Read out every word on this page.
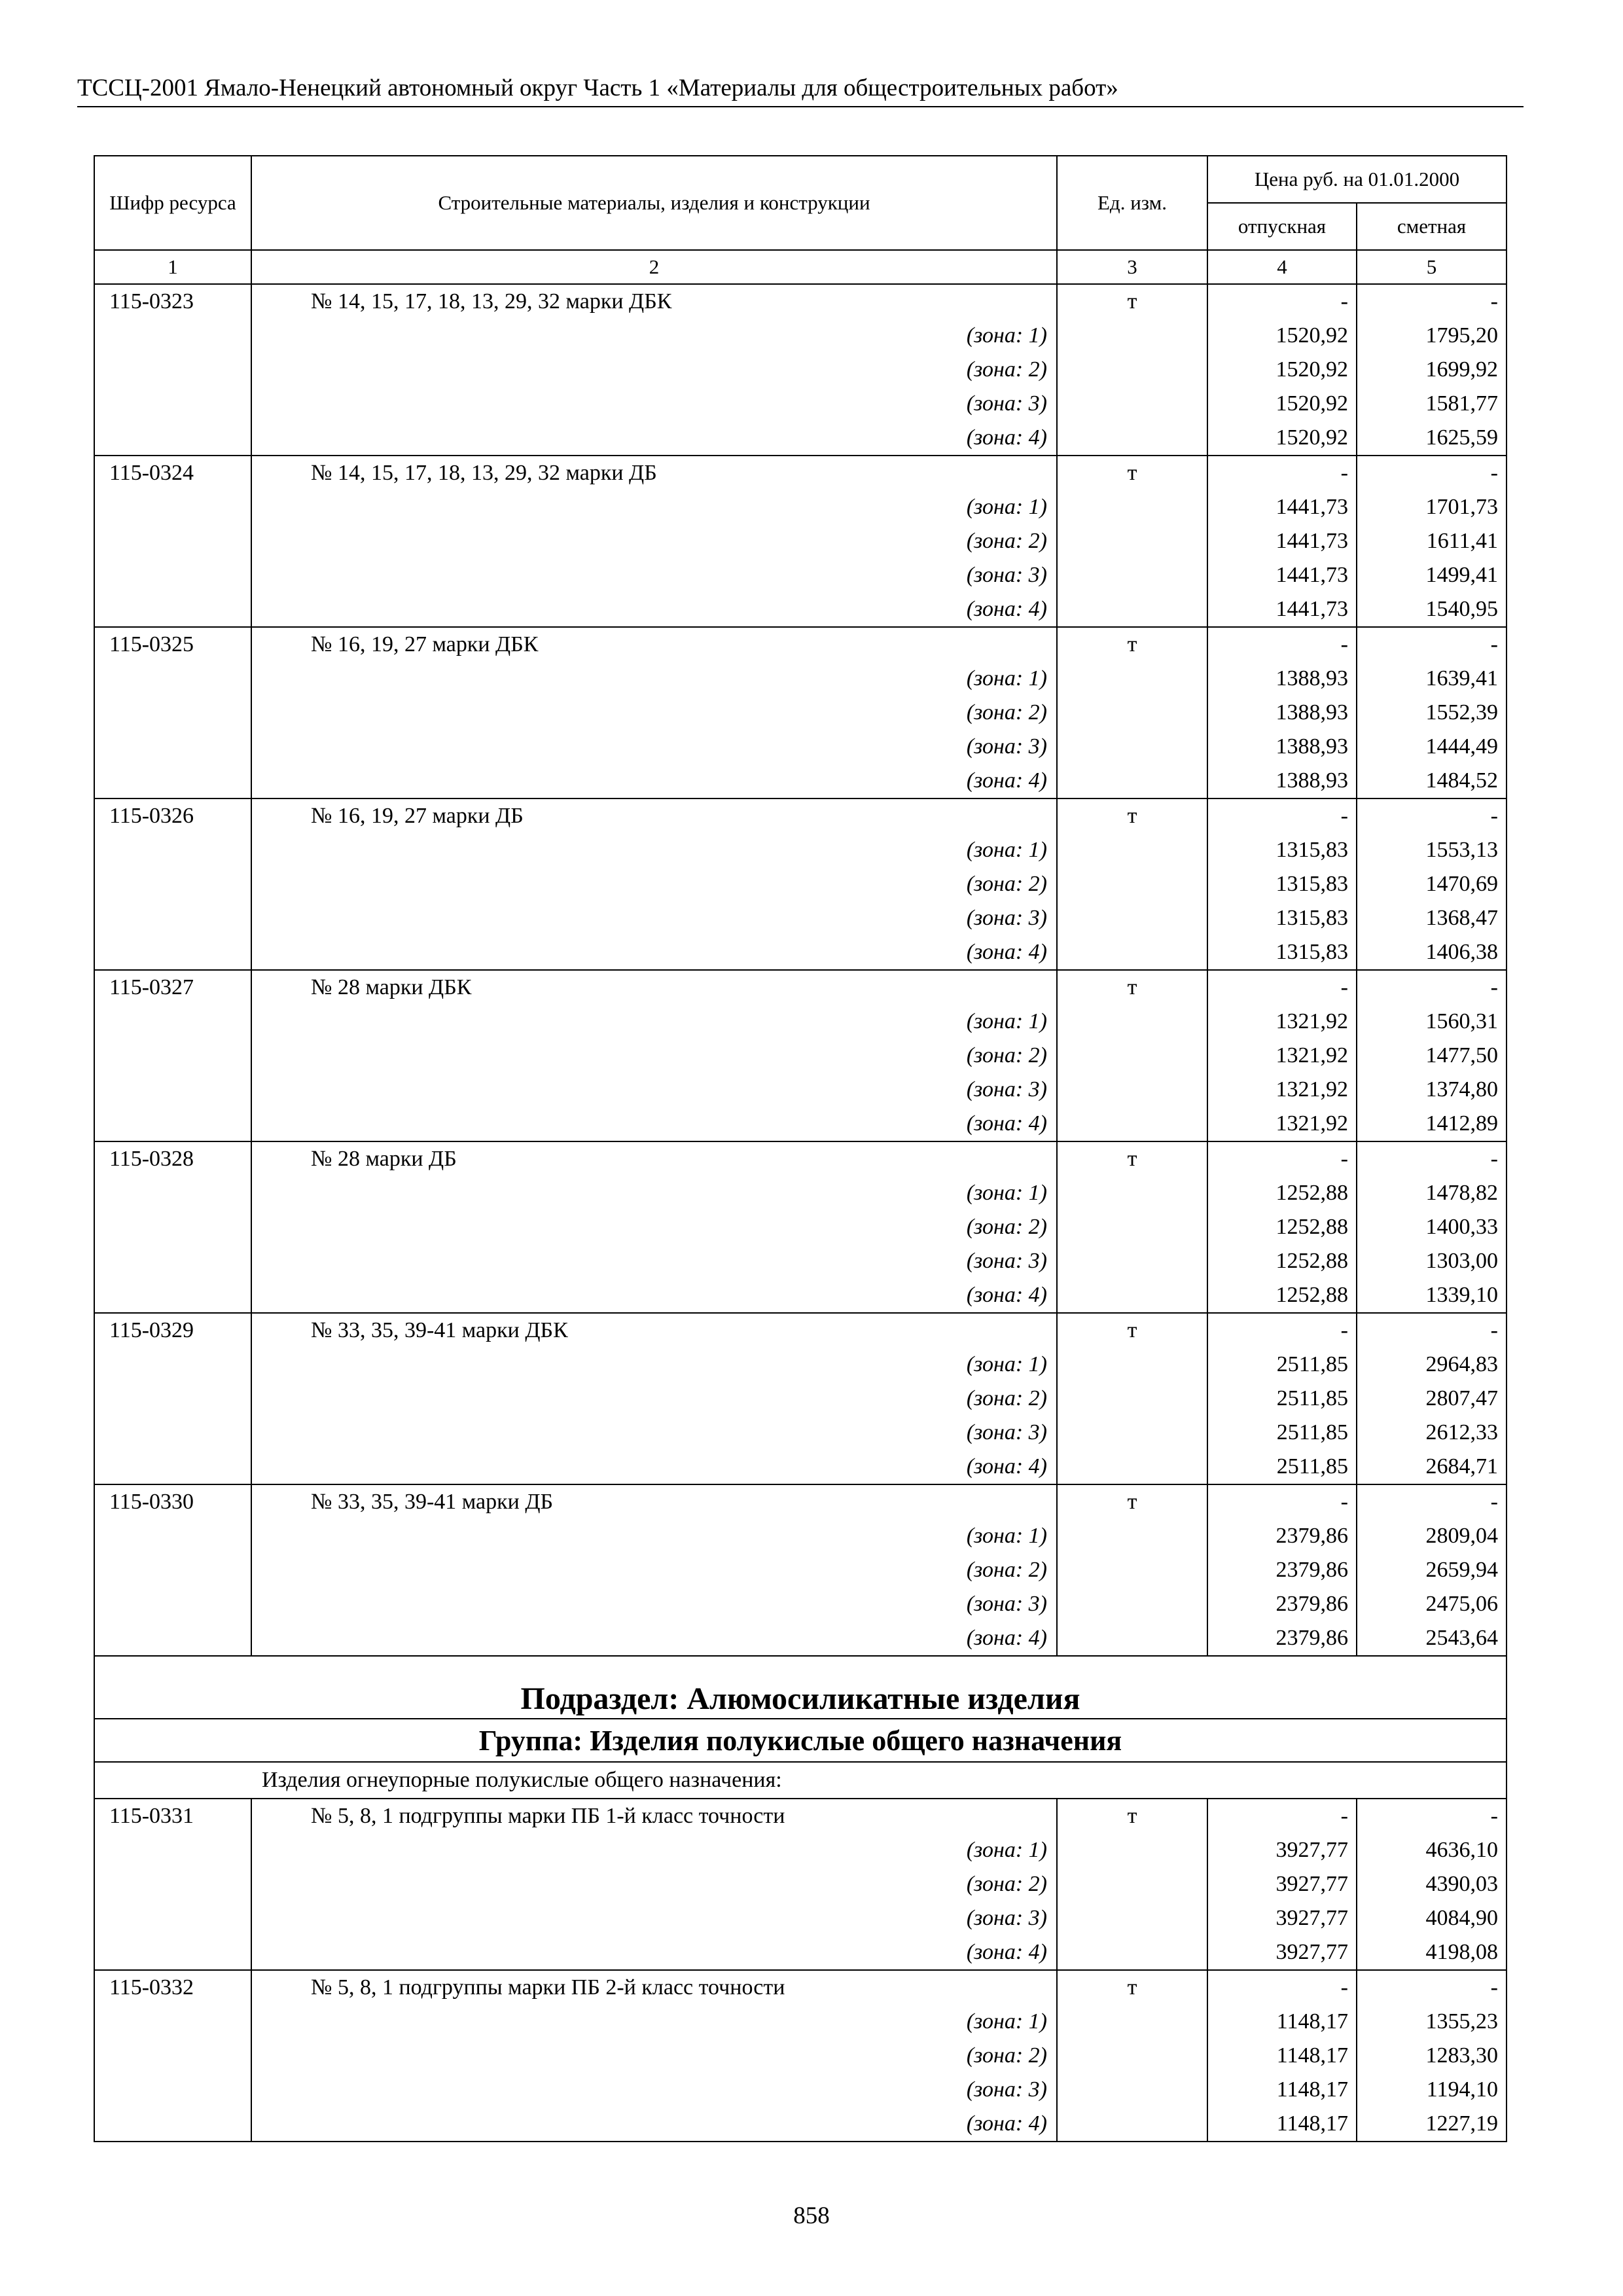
ТССЦ-2001 Ямало-Ненецкий автономный округ Часть 1 «Материалы для общестроительных работ»
Шифр ресурса	Строительные материалы, изделия и конструкции	Ед. изм.	Цена руб. на 01.01.2000	
			отпускная	сметная
1	2	3	4	5
115-0323	№ 14, 15, 17, 18, 13, 29, 32 марки ДБК	т	-	-
	(зона: 1)		1520,92	1795,20
	(зона: 2)		1520,92	1699,92
	(зона: 3)		1520,92	1581,77
	(зона: 4)		1520,92	1625,59
115-0324	№ 14, 15, 17, 18, 13, 29, 32 марки ДБ	т	-	-
	(зона: 1)		1441,73	1701,73
	(зона: 2)		1441,73	1611,41
	(зона: 3)		1441,73	1499,41
	(зона: 4)		1441,73	1540,95
115-0325	№ 16, 19, 27 марки ДБК	т	-	-
	(зона: 1)		1388,93	1639,41
	(зона: 2)		1388,93	1552,39
	(зона: 3)		1388,93	1444,49
	(зона: 4)		1388,93	1484,52
115-0326	№ 16, 19, 27 марки ДБ	т	-	-
	(зона: 1)		1315,83	1553,13
	(зона: 2)		1315,83	1470,69
	(зона: 3)		1315,83	1368,47
	(зона: 4)		1315,83	1406,38
115-0327	№ 28 марки ДБК	т	-	-
	(зона: 1)		1321,92	1560,31
	(зона: 2)		1321,92	1477,50
	(зона: 3)		1321,92	1374,80
	(зона: 4)		1321,92	1412,89
115-0328	№ 28 марки ДБ	т	-	-
	(зона: 1)		1252,88	1478,82
	(зона: 2)		1252,88	1400,33
	(зона: 3)		1252,88	1303,00
	(зона: 4)		1252,88	1339,10
115-0329	№ 33, 35, 39-41 марки ДБК	т	-	-
	(зона: 1)		2511,85	2964,83
	(зона: 2)		2511,85	2807,47
	(зона: 3)		2511,85	2612,33
	(зона: 4)		2511,85	2684,71
115-0330	№ 33, 35, 39-41 марки ДБ	т	-	-
	(зона: 1)		2379,86	2809,04
	(зона: 2)		2379,86	2659,94
	(зона: 3)		2379,86	2475,06
	(зона: 4)		2379,86	2543,64
Подраздел: Алюмосиликатные изделия				
Группа: Изделия полукислые общего назначения				
	Изделия огнеупорные полукислые общего назначения:			
115-0331	№ 5, 8, 1 подгруппы марки ПБ 1-й класс точности	т	-	-
	(зона: 1)		3927,77	4636,10
	(зона: 2)		3927,77	4390,03
	(зона: 3)		3927,77	4084,90
	(зона: 4)		3927,77	4198,08
115-0332	№ 5, 8, 1 подгруппы марки ПБ 2-й класс точности	т	-	-
	(зона: 1)		1148,17	1355,23
	(зона: 2)		1148,17	1283,30
	(зона: 3)		1148,17	1194,10
	(зона: 4)		1148,17	1227,19
858
